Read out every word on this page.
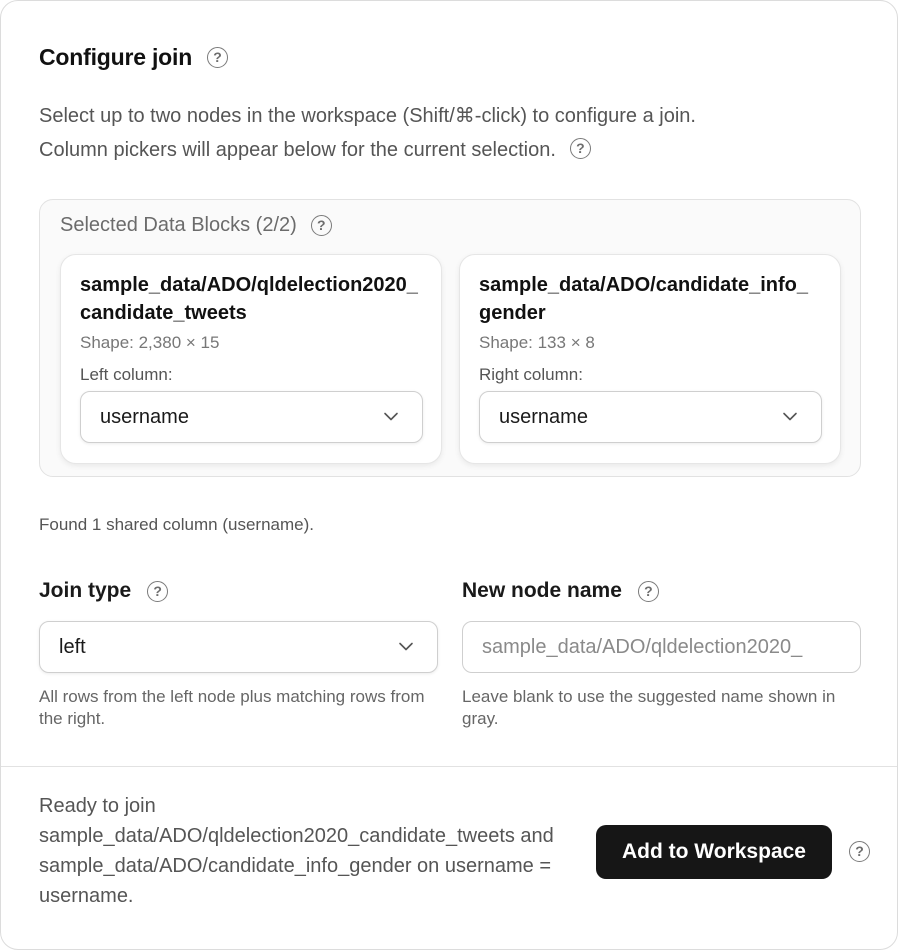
Configure join	?
Select up to two nodes in the workspace (Shift/⌘-click) to configure a join.
Column pickers will appear below for the current selection. ?
Selected Data Blocks (2/2)	?
sample_data/ADO/qldelection2020_candidate_tweets
Shape: 2,380 × 15
Left column:
username
sample_data/ADO/candidate_info_gender
Shape: 133 × 8
Right column:
username
Found 1 shared column (username).
Join type	?	New node name	?
left
sample_data/ADO/qldelection2020_
All rows from the left node plus matching rows from the right.
Leave blank to use the suggested name shown in gray.
Ready to join sample_data/ADO/qldelection2020_candidate_tweets and sample_data/ADO/candidate_info_gender on username = username.
Add to Workspace	?
